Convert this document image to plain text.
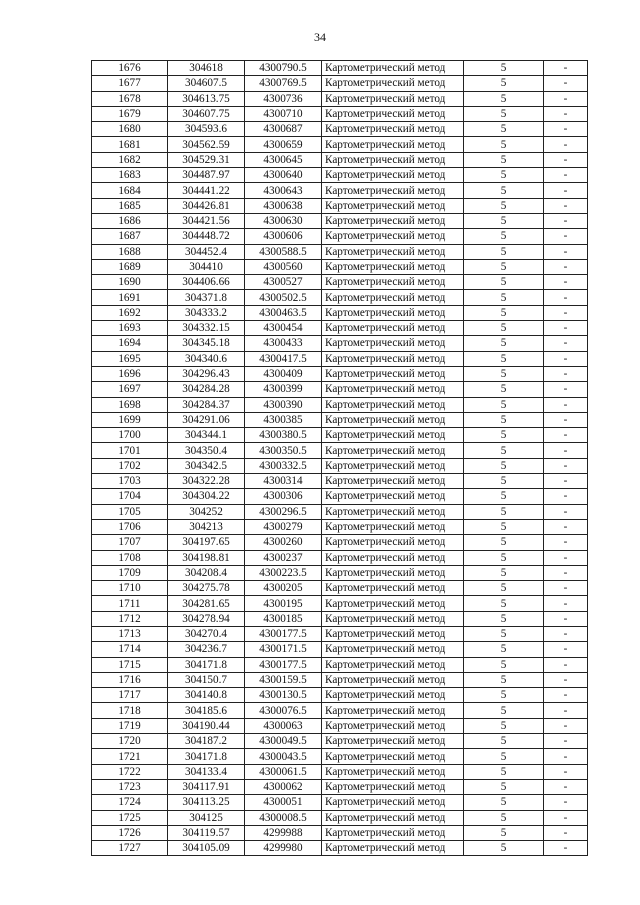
34
1676	304618	4300790.5	Картометрический метод	5	-
1677	304607.5	4300769.5	Картометрический метод	5	-
1678	304613.75	4300736	Картометрический метод	5	-
1679	304607.75	4300710	Картометрический метод	5	-
1680	304593.6	4300687	Картометрический метод	5	-
1681	304562.59	4300659	Картометрический метод	5	-
1682	304529.31	4300645	Картометрический метод	5	-
1683	304487.97	4300640	Картометрический метод	5	-
1684	304441.22	4300643	Картометрический метод	5	-
1685	304426.81	4300638	Картометрический метод	5	-
1686	304421.56	4300630	Картометрический метод	5	-
1687	304448.72	4300606	Картометрический метод	5	-
1688	304452.4	4300588.5	Картометрический метод	5	-
1689	304410	4300560	Картометрический метод	5	-
1690	304406.66	4300527	Картометрический метод	5	-
1691	304371.8	4300502.5	Картометрический метод	5	-
1692	304333.2	4300463.5	Картометрический метод	5	-
1693	304332.15	4300454	Картометрический метод	5	-
1694	304345.18	4300433	Картометрический метод	5	-
1695	304340.6	4300417.5	Картометрический метод	5	-
1696	304296.43	4300409	Картометрический метод	5	-
1697	304284.28	4300399	Картометрический метод	5	-
1698	304284.37	4300390	Картометрический метод	5	-
1699	304291.06	4300385	Картометрический метод	5	-
1700	304344.1	4300380.5	Картометрический метод	5	-
1701	304350.4	4300350.5	Картометрический метод	5	-
1702	304342.5	4300332.5	Картометрический метод	5	-
1703	304322.28	4300314	Картометрический метод	5	-
1704	304304.22	4300306	Картометрический метод	5	-
1705	304252	4300296.5	Картометрический метод	5	-
1706	304213	4300279	Картометрический метод	5	-
1707	304197.65	4300260	Картометрический метод	5	-
1708	304198.81	4300237	Картометрический метод	5	-
1709	304208.4	4300223.5	Картометрический метод	5	-
1710	304275.78	4300205	Картометрический метод	5	-
1711	304281.65	4300195	Картометрический метод	5	-
1712	304278.94	4300185	Картометрический метод	5	-
1713	304270.4	4300177.5	Картометрический метод	5	-
1714	304236.7	4300171.5	Картометрический метод	5	-
1715	304171.8	4300177.5	Картометрический метод	5	-
1716	304150.7	4300159.5	Картометрический метод	5	-
1717	304140.8	4300130.5	Картометрический метод	5	-
1718	304185.6	4300076.5	Картометрический метод	5	-
1719	304190.44	4300063	Картометрический метод	5	-
1720	304187.2	4300049.5	Картометрический метод	5	-
1721	304171.8	4300043.5	Картометрический метод	5	-
1722	304133.4	4300061.5	Картометрический метод	5	-
1723	304117.91	4300062	Картометрический метод	5	-
1724	304113.25	4300051	Картометрический метод	5	-
1725	304125	4300008.5	Картометрический метод	5	-
1726	304119.57	4299988	Картометрический метод	5	-
1727	304105.09	4299980	Картометрический метод	5	-
